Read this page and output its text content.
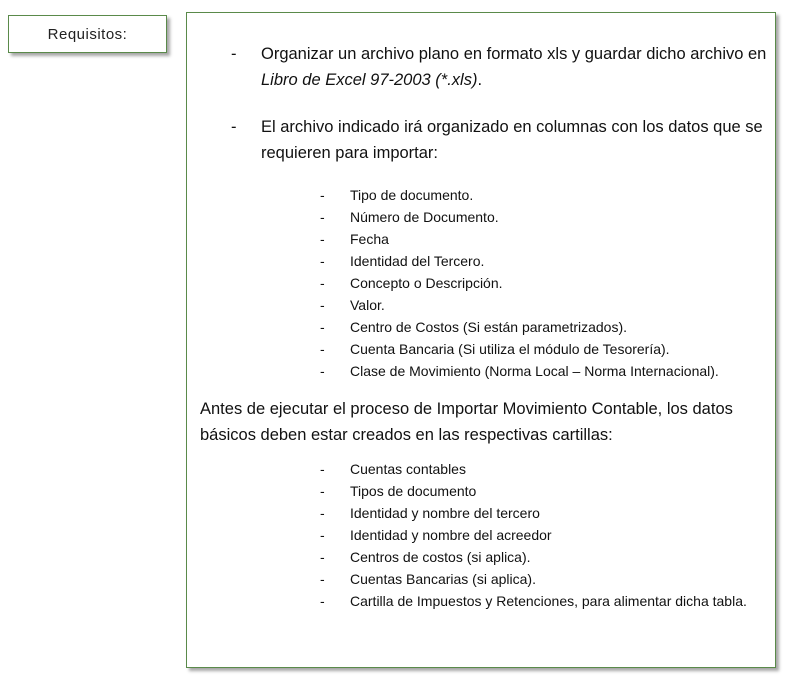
Requisitos:
-	Organizar un archivo plano en formato xls y guardar dicho archivo en Libro de Excel 97-2003 (*.xls).
-	El archivo indicado irá organizado en columnas con los datos que se requieren para importar:
-	Tipo de documento.
-	Número de Documento.
-	Fecha
-	Identidad del Tercero.
-	Concepto o Descripción.
-	Valor.
-	Centro de Costos (Si están parametrizados).
-	Cuenta Bancaria (Si utiliza el módulo de Tesorería).
-	Clase de Movimiento (Norma Local – Norma Internacional).

Antes de ejecutar el proceso de Importar Movimiento Contable, los datos básicos deben estar creados en las respectivas cartillas:

-	Cuentas contables
-	Tipos de documento
-	Identidad y nombre del tercero
-	Identidad y nombre del acreedor
-	Centros de costos (si aplica).
-	Cuentas Bancarias (si aplica).
-	Cartilla de Impuestos y Retenciones, para alimentar dicha tabla.
